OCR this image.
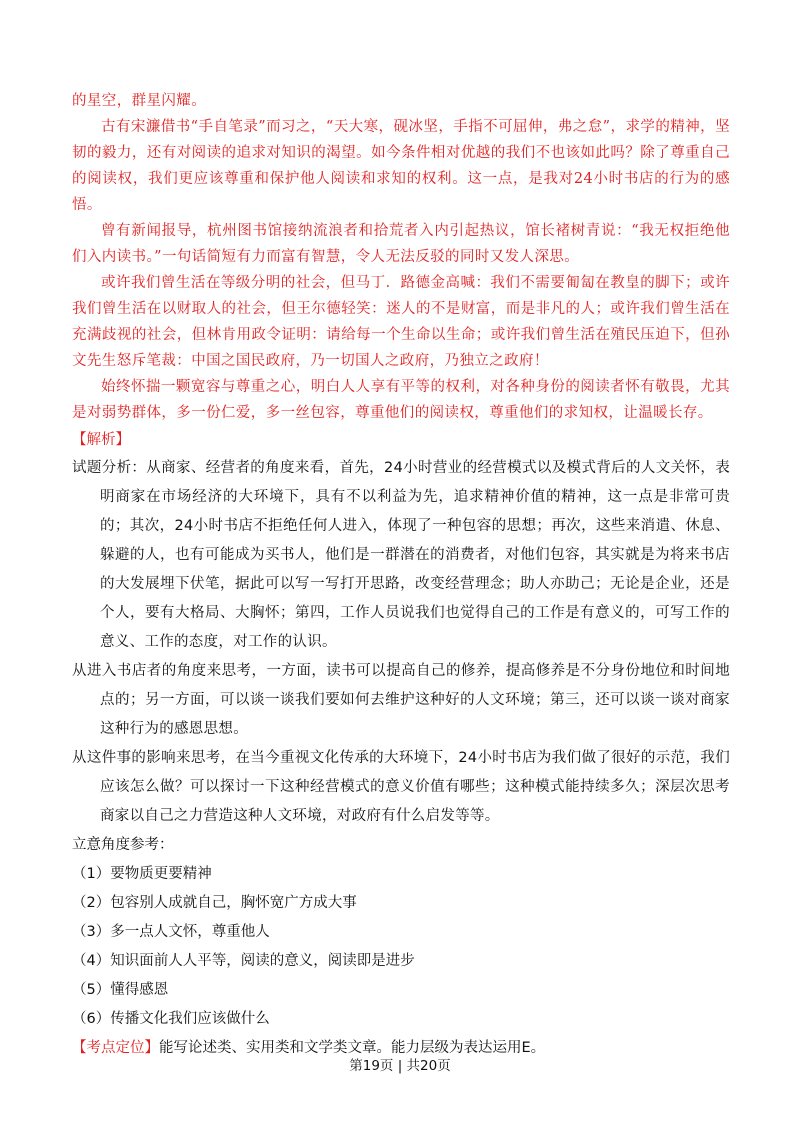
的星空，群星闪耀。

古有宋濂借书“手自笔录”而习之，“天大寒，砚冰坚，手指不可屈伸，弗之怠”，求学的精神，坚韧的毅力，还有对阅读的追求对知识的渴望。如今条件相对优越的我们不也该如此吗？除了尊重自己的阅读权，我们更应该尊重和保护他人阅读和求知的权利。这一点，是我对24小时书店的行为的感悟。

曾有新闻报导，杭州图书馆接纳流浪者和拾荒者入内引起热议，馆长褚树青说：“我无权拒绝他们入内读书。”一句话简短有力而富有智慧，令人无法反驳的同时又发人深思。

或许我们曾生活在等级分明的社会，但马丁．路德金高喊：我们不需要匍匐在教皇的脚下；或许我们曾生活在以财取人的社会，但王尔德轻笑：迷人的不是财富，而是非凡的人；或许我们曾生活在充满歧视的社会，但林肯用政令证明：请给每一个生命以生命；或许我们曾生活在殖民压迫下，但孙文先生怒斥笔裁：中国之国民政府，乃一切国人之政府，乃独立之政府！

始终怀揣一颗宽容与尊重之心，明白人人享有平等的权利，对各种身份的阅读者怀有敬畏，尤其是对弱势群体，多一份仁爱，多一丝包容，尊重他们的阅读权，尊重他们的求知权，让温暖长存。

【解析】

试题分析：从商家、经营者的角度来看，首先，24小时营业的经营模式以及模式背后的人文关怀，表明商家在市场经济的大环境下，具有不以利益为先，追求精神价值的精神，这一点是非常可贵的；其次，24小时书店不拒绝任何人进入，体现了一种包容的思想；再次，这些来消遣、休息、躲避的人，也有可能成为买书人，他们是一群潜在的消费者，对他们包容，其实就是为将来书店的大发展埋下伏笔，据此可以写一写打开思路，改变经营理念；助人亦助己；无论是企业，还是个人，要有大格局、大胸怀；第四，工作人员说我们也觉得自己的工作是有意义的，可写工作的意义、工作的态度，对工作的认识。

从进入书店者的角度来思考，一方面，读书可以提高自己的修养，提高修养是不分身份地位和时间地点的；另一方面，可以谈一谈我们要如何去维护这种好的人文环境；第三，还可以谈一谈对商家这种行为的感恩思想。

从这件事的影响来思考，在当今重视文化传承的大环境下，24小时书店为我们做了很好的示范，我们应该怎么做？可以探讨一下这种经营模式的意义价值有哪些；这种模式能持续多久；深层次思考商家以自己之力营造这种人文环境，对政府有什么启发等等。

立意角度参考：

（1）要物质更要精神
（2）包容别人成就自己，胸怀宽广方成大事
（3）多一点人文怀，尊重他人
（4）知识面前人人平等，阅读的意义，阅读即是进步
（5）懂得感恩
（6）传播文化我们应该做什么

【考点定位】能写论述类、实用类和文学类文章。能力层级为表达运用E。

第19页 | 共20页
